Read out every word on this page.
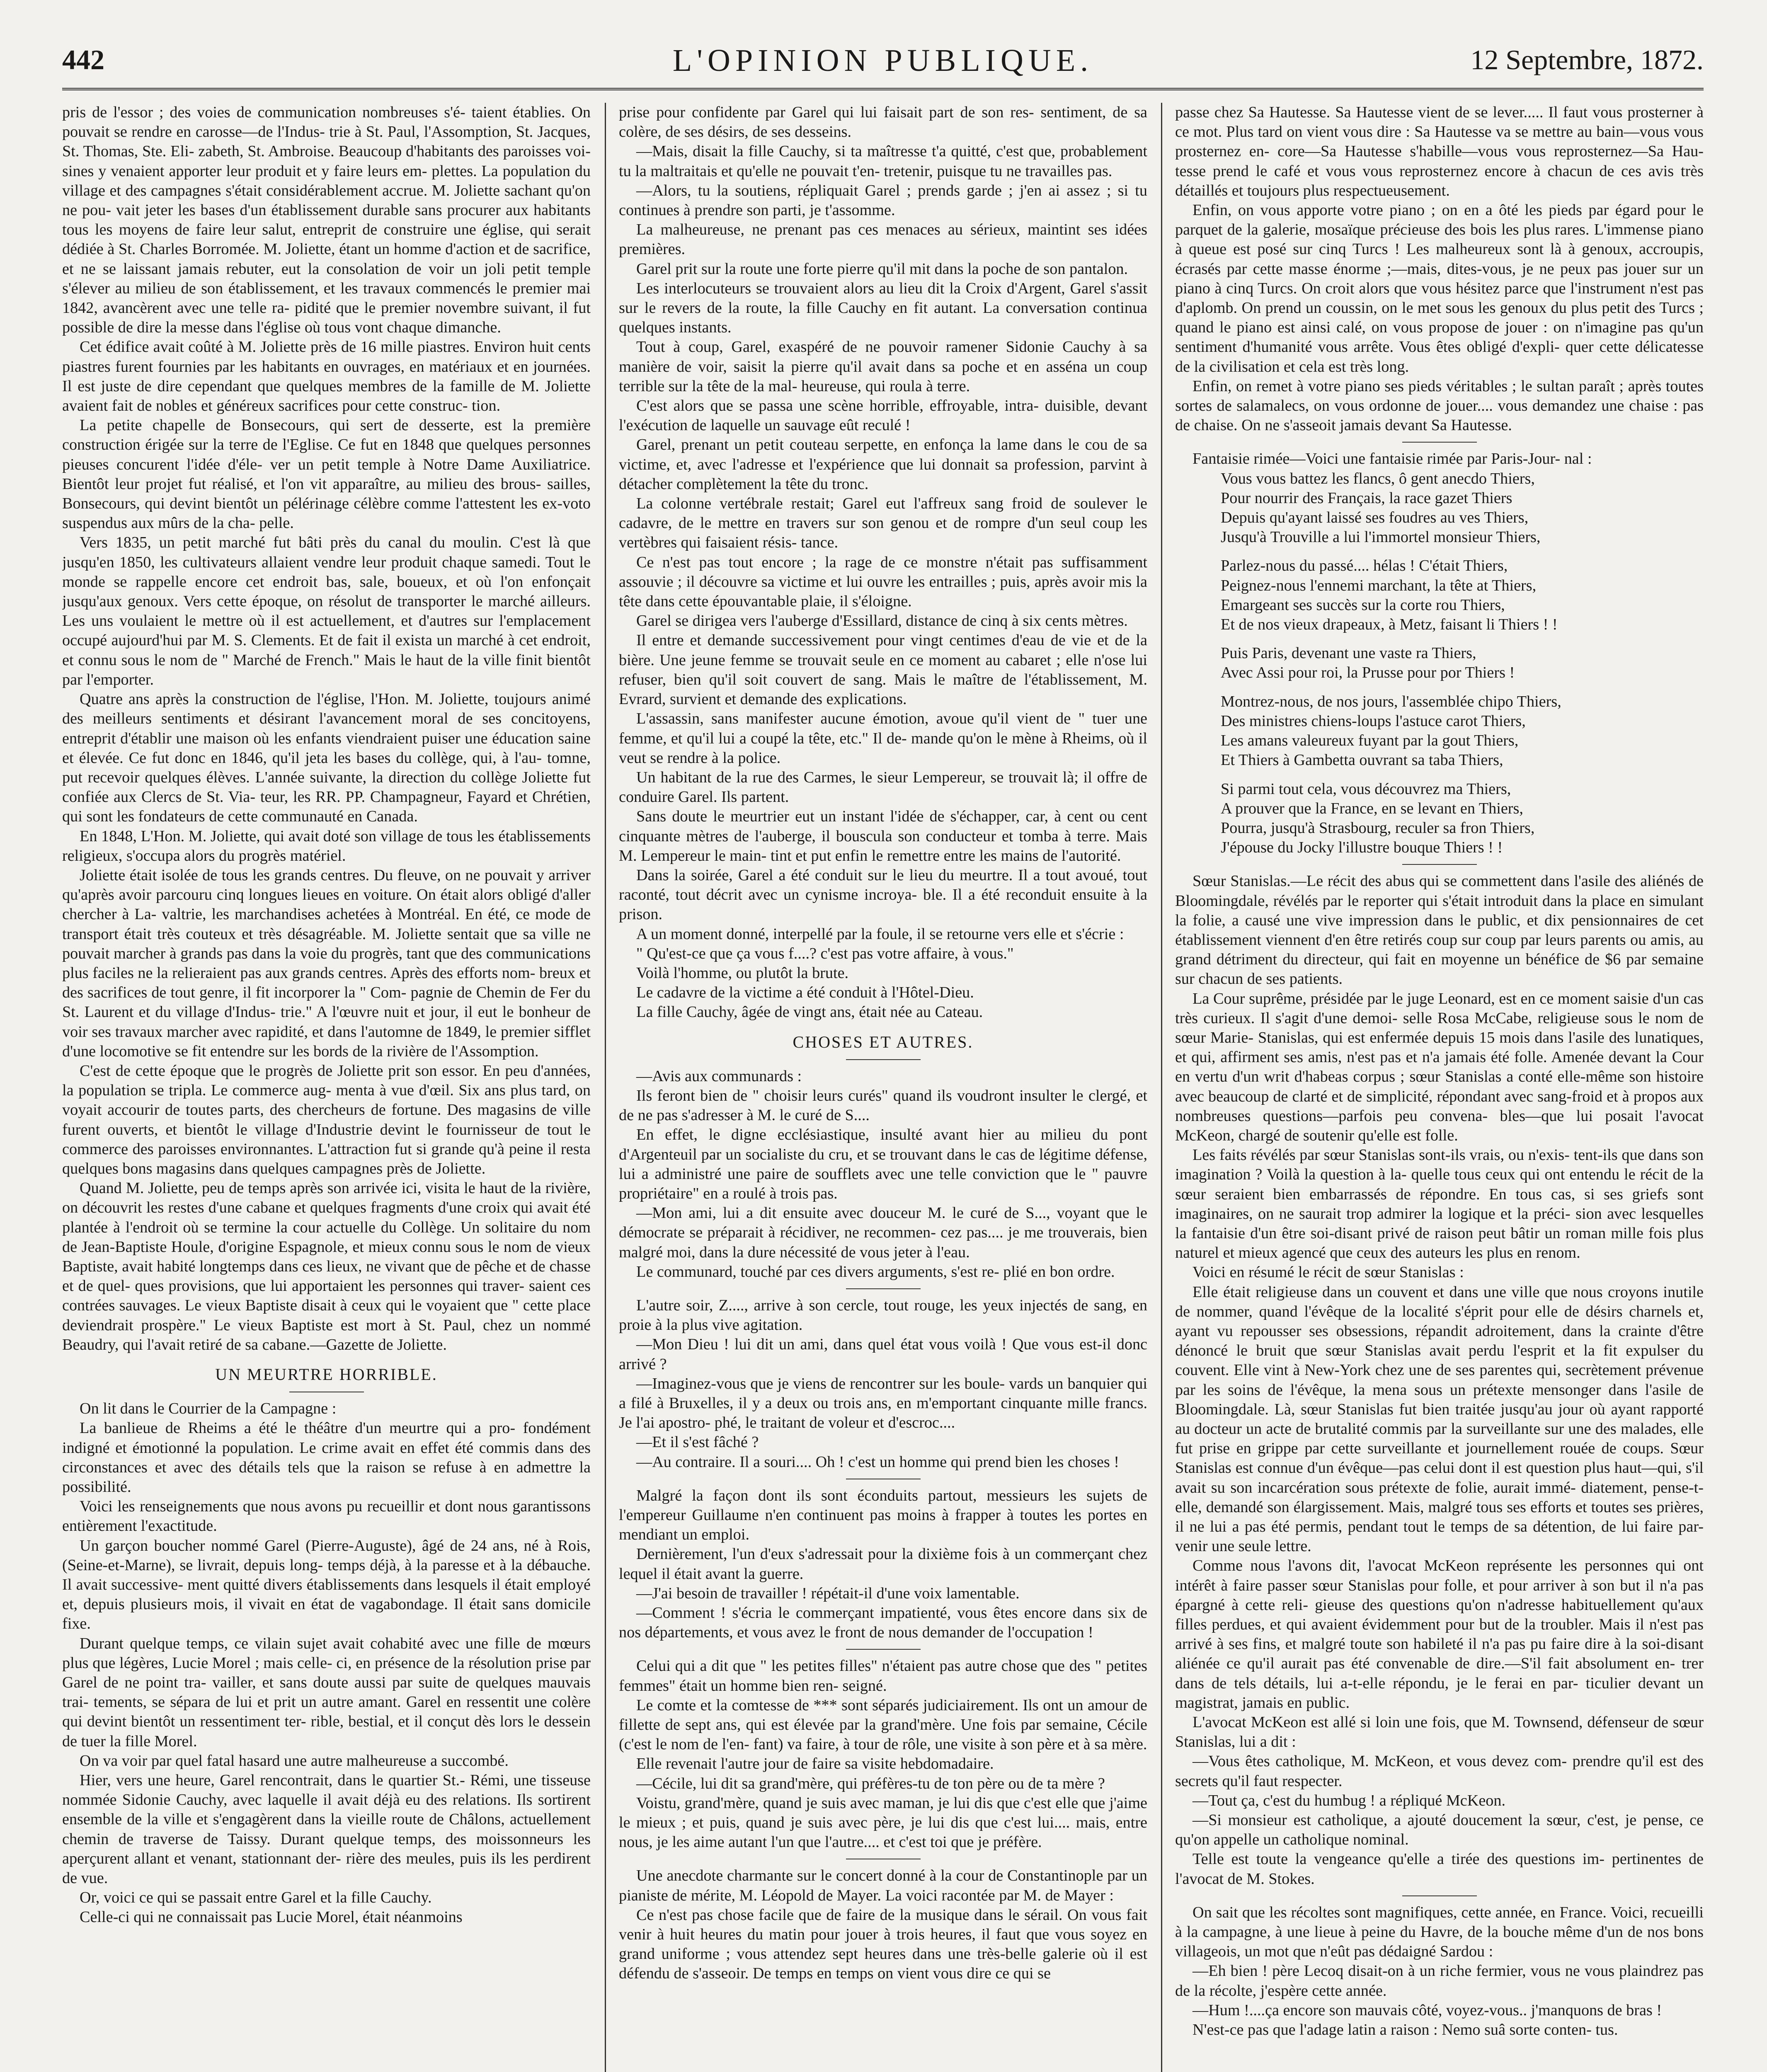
442	L'OPINION PUBLIQUE.	12 Septembre, 1872.

pris de l'essor ; des voies de communication nombreuses s'é- taient établies. On pouvait se rendre en carosse—de l'Indus- trie à St. Paul, l'Assomption, St. Jacques, St. Thomas, Ste. Eli- zabeth, St. Ambroise. Beaucoup d'habitants des paroisses voi- sines y venaient apporter leur produit et y faire leurs em- plettes. La population du village et des campagnes s'était considérablement accrue. M. Joliette sachant qu'on ne pou- vait jeter les bases d'un établissement durable sans procurer aux habitants tous les moyens de faire leur salut, entreprit de construire une église, qui serait dédiée à St. Charles Borromée. M. Joliette, étant un homme d'action et de sacrifice, et ne se laissant jamais rebuter, eut la consolation de voir un joli petit temple s'élever au milieu de son établissement, et les travaux commencés le premier mai 1842, avancèrent avec une telle ra- pidité que le premier novembre suivant, il fut possible de dire la messe dans l'église où tous vont chaque dimanche.

Cet édifice avait coûté à M. Joliette près de 16 mille piastres. Environ huit cents piastres furent fournies par les habitants en ouvrages, en matériaux et en journées. Il est juste de dire cependant que quelques membres de la famille de M. Joliette avaient fait de nobles et généreux sacrifices pour cette construc- tion.

La petite chapelle de Bonsecours, qui sert de desserte, est la première construction érigée sur la terre de l'Eglise. Ce fut en 1848 que quelques personnes pieuses concurent l'idée d'éle- ver un petit temple à Notre Dame Auxiliatrice. Bientôt leur projet fut réalisé, et l'on vit apparaître, au milieu des brous- sailles, Bonsecours, qui devint bientôt un pélérinage célèbre comme l'attestent les ex-voto suspendus aux mûrs de la cha- pelle.

Vers 1835, un petit marché fut bâti près du canal du moulin. C'est là que jusqu'en 1850, les cultivateurs allaient vendre leur produit chaque samedi. Tout le monde se rappelle encore cet endroit bas, sale, boueux, et où l'on enfonçait jusqu'aux genoux. Vers cette époque, on résolut de transporter le marché ailleurs. Les uns voulaient le mettre où il est actuellement, et d'autres sur l'emplacement occupé aujourd'hui par M. S. Clements. Et de fait il exista un marché à cet endroit, et connu sous le nom de " Marché de French." Mais le haut de la ville finit bientôt par l'emporter.

Quatre ans après la construction de l'église, l'Hon. M. Joliette, toujours animé des meilleurs sentiments et désirant l'avancement moral de ses concitoyens, entreprit d'établir une maison où les enfants viendraient puiser une éducation saine et élevée. Ce fut donc en 1846, qu'il jeta les bases du collège, qui, à l'au- tomne, put recevoir quelques élèves. L'année suivante, la direction du collège Joliette fut confiée aux Clercs de St. Via- teur, les RR. PP. Champagneur, Fayard et Chrétien, qui sont les fondateurs de cette communauté en Canada.

En 1848, L'Hon. M. Joliette, qui avait doté son village de tous les établissements religieux, s'occupa alors du progrès matériel.

Joliette était isolée de tous les grands centres. Du fleuve, on ne pouvait y arriver qu'après avoir parcouru cinq longues lieues en voiture. On était alors obligé d'aller chercher à La- valtrie, les marchandises achetées à Montréal. En été, ce mode de transport était très couteux et très désagréable. M. Joliette sentait que sa ville ne pouvait marcher à grands pas dans la voie du progrès, tant que des communications plus faciles ne la relieraient pas aux grands centres. Après des efforts nom- breux et des sacrifices de tout genre, il fit incorporer la " Com- pagnie de Chemin de Fer du St. Laurent et du village d'Indus- trie." A l'œuvre nuit et jour, il eut le bonheur de voir ses travaux marcher avec rapidité, et dans l'automne de 1849, le premier sifflet d'une locomotive se fit entendre sur les bords de la rivière de l'Assomption.

C'est de cette époque que le progrès de Joliette prit son essor. En peu d'années, la population se tripla. Le commerce aug- menta à vue d'œil. Six ans plus tard, on voyait accourir de toutes parts, des chercheurs de fortune. Des magasins de ville furent ouverts, et bientôt le village d'Industrie devint le fournisseur de tout le commerce des paroisses environnantes. L'attraction fut si grande qu'à peine il resta quelques bons magasins dans quelques campagnes près de Joliette.

Quand M. Joliette, peu de temps après son arrivée ici, visita le haut de la rivière, on découvrit les restes d'une cabane et quelques fragments d'une croix qui avait été plantée à l'endroit où se termine la cour actuelle du Collège. Un solitaire du nom de Jean-Baptiste Houle, d'origine Espagnole, et mieux connu sous le nom de vieux Baptiste, avait habité longtemps dans ces lieux, ne vivant que de pêche et de chasse et de quel- ques provisions, que lui apportaient les personnes qui traver- saient ces contrées sauvages. Le vieux Baptiste disait à ceux qui le voyaient que " cette place deviendrait prospère." Le vieux Baptiste est mort à St. Paul, chez un nommé Beaudry, qui l'avait retiré de sa cabane.—Gazette de Joliette.

UN MEURTRE HORRIBLE.

On lit dans le Courrier de la Campagne :

La banlieue de Rheims a été le théâtre d'un meurtre qui a pro- fondément indigné et émotionné la population. Le crime avait en effet été commis dans des circonstances et avec des détails tels que la raison se refuse à en admettre la possibilité.

Voici les renseignements que nous avons pu recueillir et dont nous garantissons entièrement l'exactitude.

Un garçon boucher nommé Garel (Pierre-Auguste), âgé de 24 ans, né à Rois, (Seine-et-Marne), se livrait, depuis long- temps déjà, à la paresse et à la débauche. Il avait successive- ment quitté divers établissements dans lesquels il était employé et, depuis plusieurs mois, il vivait en état de vagabondage. Il était sans domicile fixe.

Durant quelque temps, ce vilain sujet avait cohabité avec une fille de mœurs plus que légères, Lucie Morel ; mais celle- ci, en présence de la résolution prise par Garel de ne point tra- vailler, et sans doute aussi par suite de quelques mauvais trai- tements, se sépara de lui et prit un autre amant. Garel en ressentit une colère qui devint bientôt un ressentiment ter- rible, bestial, et il conçut dès lors le dessein de tuer la fille Morel.

On va voir par quel fatal hasard une autre malheureuse a succombé.

Hier, vers une heure, Garel rencontrait, dans le quartier St.- Rémi, une tisseuse nommée Sidonie Cauchy, avec laquelle il avait déjà eu des relations. Ils sortirent ensemble de la ville et s'engagèrent dans la vieille route de Châlons, actuellement chemin de traverse de Taissy. Durant quelque temps, des moissonneurs les aperçurent allant et venant, stationnant der- rière des meules, puis ils les perdirent de vue.

Or, voici ce qui se passait entre Garel et la fille Cauchy.

Celle-ci qui ne connaissait pas Lucie Morel, était néanmoins

prise pour confidente par Garel qui lui faisait part de son res- sentiment, de sa colère, de ses désirs, de ses desseins.

—Mais, disait la fille Cauchy, si ta maîtresse t'a quitté, c'est que, probablement tu la maltraitais et qu'elle ne pouvait t'en- tretenir, puisque tu ne travailles pas.

—Alors, tu la soutiens, répliquait Garel ; prends garde ; j'en ai assez ; si tu continues à prendre son parti, je t'assomme.

La malheureuse, ne prenant pas ces menaces au sérieux, maintint ses idées premières.

Garel prit sur la route une forte pierre qu'il mit dans la poche de son pantalon.

Les interlocuteurs se trouvaient alors au lieu dit la Croix d'Argent, Garel s'assit sur le revers de la route, la fille Cauchy en fit autant. La conversation continua quelques instants.

Tout à coup, Garel, exaspéré de ne pouvoir ramener Sidonie Cauchy à sa manière de voir, saisit la pierre qu'il avait dans sa poche et en asséna un coup terrible sur la tête de la mal- heureuse, qui roula à terre.

C'est alors que se passa une scène horrible, effroyable, intra- duisible, devant l'exécution de laquelle un sauvage eût reculé !

Garel, prenant un petit couteau serpette, en enfonça la lame dans le cou de sa victime, et, avec l'adresse et l'expérience que lui donnait sa profession, parvint à détacher complètement la tête du tronc.

La colonne vertébrale restait; Garel eut l'affreux sang froid de soulever le cadavre, de le mettre en travers sur son genou et de rompre d'un seul coup les vertèbres qui faisaient résis- tance.

Ce n'est pas tout encore ; la rage de ce monstre n'était pas suffisamment assouvie ; il découvre sa victime et lui ouvre les entrailles ; puis, après avoir mis la tête dans cette épouvantable plaie, il s'éloigne.

Garel se dirigea vers l'auberge d'Essillard, distance de cinq à six cents mètres.

Il entre et demande successivement pour vingt centimes d'eau de vie et de la bière. Une jeune femme se trouvait seule en ce moment au cabaret ; elle n'ose lui refuser, bien qu'il soit couvert de sang. Mais le maître de l'établissement, M. Evrard, survient et demande des explications.

L'assassin, sans manifester aucune émotion, avoue qu'il vient de " tuer une femme, et qu'il lui a coupé la tête, etc." Il de- mande qu'on le mène à Rheims, où il veut se rendre à la police.

Un habitant de la rue des Carmes, le sieur Lempereur, se trouvait là; il offre de conduire Garel. Ils partent.

Sans doute le meurtrier eut un instant l'idée de s'échapper, car, à cent ou cent cinquante mètres de l'auberge, il bouscula son conducteur et tomba à terre. Mais M. Lempereur le main- tint et put enfin le remettre entre les mains de l'autorité.

Dans la soirée, Garel a été conduit sur le lieu du meurtre. Il a tout avoué, tout raconté, tout décrit avec un cynisme incroya- ble. Il a été reconduit ensuite à la prison.

A un moment donné, interpellé par la foule, il se retourne vers elle et s'écrie :

" Qu'est-ce que ça vous f....? c'est pas votre affaire, à vous."

Voilà l'homme, ou plutôt la brute.

Le cadavre de la victime a été conduit à l'Hôtel-Dieu.

La fille Cauchy, âgée de vingt ans, était née au Cateau.

CHOSES ET AUTRES.

—Avis aux communards :

Ils feront bien de " choisir leurs curés" quand ils voudront insulter le clergé, et de ne pas s'adresser à M. le curé de S....

En effet, le digne ecclésiastique, insulté avant hier au milieu du pont d'Argenteuil par un socialiste du cru, et se trouvant dans le cas de légitime défense, lui a administré une paire de soufflets avec une telle conviction que le " pauvre propriétaire" en a roulé à trois pas.

—Mon ami, lui a dit ensuite avec douceur M. le curé de S..., voyant que le démocrate se préparait à récidiver, ne recommen- cez pas.... je me trouverais, bien malgré moi, dans la dure nécessité de vous jeter à l'eau.

Le communard, touché par ces divers arguments, s'est re- plié en bon ordre.

L'autre soir, Z...., arrive à son cercle, tout rouge, les yeux injectés de sang, en proie à la plus vive agitation.

—Mon Dieu ! lui dit un ami, dans quel état vous voilà ! Que vous est-il donc arrivé ?

—Imaginez-vous que je viens de rencontrer sur les boule- vards un banquier qui a filé à Bruxelles, il y a deux ou trois ans, en m'emportant cinquante mille francs. Je l'ai apostro- phé, le traitant de voleur et d'escroc....

—Et il s'est fâché ?

—Au contraire. Il a souri.... Oh ! c'est un homme qui prend bien les choses !

Malgré la façon dont ils sont éconduits partout, messieurs les sujets de l'empereur Guillaume n'en continuent pas moins à frapper à toutes les portes en mendiant un emploi.

Dernièrement, l'un d'eux s'adressait pour la dixième fois à un commerçant chez lequel il était avant la guerre.

—J'ai besoin de travailler ! répétait-il d'une voix lamentable.

—Comment ! s'écria le commerçant impatienté, vous êtes encore dans six de nos départements, et vous avez le front de nous demander de l'occupation !

Celui qui a dit que " les petites filles" n'étaient pas autre chose que des " petites femmes" était un homme bien ren- seigné.

Le comte et la comtesse de *** sont séparés judiciairement. Ils ont un amour de fillette de sept ans, qui est élevée par la grand'mère. Une fois par semaine, Cécile (c'est le nom de l'en- fant) va faire, à tour de rôle, une visite à son père et à sa mère.

Elle revenait l'autre jour de faire sa visite hebdomadaire.

—Cécile, lui dit sa grand'mère, qui préfères-tu de ton père ou de ta mère ?

Voistu, grand'mère, quand je suis avec maman, je lui dis que c'est elle que j'aime le mieux ; et puis, quand je suis avec père, je lui dis que c'est lui.... mais, entre nous, je les aime autant l'un que l'autre.... et c'est toi que je préfère.

Une anecdote charmante sur le concert donné à la cour de Constantinople par un pianiste de mérite, M. Léopold de Mayer. La voici racontée par M. de Mayer :

Ce n'est pas chose facile que de faire de la musique dans le sérail. On vous fait venir à huit heures du matin pour jouer à trois heures, il faut que vous soyez en grand uniforme ; vous attendez sept heures dans une très-belle galerie où il est défendu de s'asseoir. De temps en temps on vient vous dire ce qui se

passe chez Sa Hautesse. Sa Hautesse vient de se lever..... Il faut vous prosterner à ce mot. Plus tard on vient vous dire : Sa Hautesse va se mettre au bain—vous vous prosternez en- core—Sa Hautesse s'habille—vous vous reprosternez—Sa Hau- tesse prend le café et vous vous reprosternez encore à chacun de ces avis très détaillés et toujours plus respectueusement.

Enfin, on vous apporte votre piano ; on en a ôté les pieds par égard pour le parquet de la galerie, mosaïque précieuse des bois les plus rares. L'immense piano à queue est posé sur cinq Turcs ! Les malheureux sont là à genoux, accroupis, écrasés par cette masse énorme ;—mais, dites-vous, je ne peux pas jouer sur un piano à cinq Turcs. On croit alors que vous hésitez parce que l'instrument n'est pas d'aplomb. On prend un coussin, on le met sous les genoux du plus petit des Turcs ; quand le piano est ainsi calé, on vous propose de jouer : on n'imagine pas qu'un sentiment d'humanité vous arrête. Vous êtes obligé d'expli- quer cette délicatesse de la civilisation et cela est très long.

Enfin, on remet à votre piano ses pieds véritables ; le sultan paraît ; après toutes sortes de salamalecs, on vous ordonne de jouer.... vous demandez une chaise : pas de chaise. On ne s'asseoit jamais devant Sa Hautesse.

Fantaisie rimée—Voici une fantaisie rimée par Paris-Jour- nal :

Vous vous battez les flancs, ô gent anecdo Thiers,

Pour nourrir des Français, la race gazet Thiers

Depuis qu'ayant laissé ses foudres au ves Thiers,

Jusqu'à Trouville a lui l'immortel monsieur Thiers,

Parlez-nous du passé.... hélas ! C'était Thiers,

Peignez-nous l'ennemi marchant, la tête at Thiers,

Emargeant ses succès sur la corte rou Thiers,

Et de nos vieux drapeaux, à Metz, faisant li Thiers ! !

Puis Paris, devenant une vaste ra Thiers,

Avec Assi pour roi, la Prusse pour por Thiers !

Montrez-nous, de nos jours, l'assemblée chipo Thiers,

Des ministres chiens-loups l'astuce carot Thiers,

Les amans valeureux fuyant par la gout Thiers,

Et Thiers à Gambetta ouvrant sa taba Thiers,

Si parmi tout cela, vous découvrez ma Thiers,

A prouver que la France, en se levant en Thiers,

Pourra, jusqu'à Strasbourg, reculer sa fron Thiers,

J'épouse du Jocky l'illustre bouque Thiers ! !

Sœur Stanislas.—Le récit des abus qui se commettent dans l'asile des aliénés de Bloomingdale, révélés par le reporter qui s'était introduit dans la place en simulant la folie, a causé une vive impression dans le public, et dix pensionnaires de cet établissement viennent d'en être retirés coup sur coup par leurs parents ou amis, au grand détriment du directeur, qui fait en moyenne un bénéfice de $6 par semaine sur chacun de ses patients.

La Cour suprême, présidée par le juge Leonard, est en ce moment saisie d'un cas très curieux. Il s'agit d'une demoi- selle Rosa McCabe, religieuse sous le nom de sœur Marie- Stanislas, qui est enfermée depuis 15 mois dans l'asile des lunatiques, et qui, affirment ses amis, n'est pas et n'a jamais été folle. Amenée devant la Cour en vertu d'un writ d'habeas corpus ; sœur Stanislas a conté elle-même son histoire avec beaucoup de clarté et de simplicité, répondant avec sang-froid et à propos aux nombreuses questions—parfois peu convena- bles—que lui posait l'avocat McKeon, chargé de soutenir qu'elle est folle.

Les faits révélés par sœur Stanislas sont-ils vrais, ou n'exis- tent-ils que dans son imagination ? Voilà la question à la- quelle tous ceux qui ont entendu le récit de la sœur seraient bien embarrassés de répondre. En tous cas, si ses griefs sont imaginaires, on ne saurait trop admirer la logique et la préci- sion avec lesquelles la fantaisie d'un être soi-disant privé de raison peut bâtir un roman mille fois plus naturel et mieux agencé que ceux des auteurs les plus en renom.

Voici en résumé le récit de sœur Stanislas :

Elle était religieuse dans un couvent et dans une ville que nous croyons inutile de nommer, quand l'évêque de la localité s'éprit pour elle de désirs charnels et, ayant vu repousser ses obsessions, répandit adroitement, dans la crainte d'être dénoncé le bruit que sœur Stanislas avait perdu l'esprit et la fit expulser du couvent. Elle vint à New-York chez une de ses parentes qui, secrètement prévenue par les soins de l'évêque, la mena sous un prétexte mensonger dans l'asile de Bloomingdale. Là, sœur Stanislas fut bien traitée jusqu'au jour où ayant rapporté au docteur un acte de brutalité commis par la surveillante sur une des malades, elle fut prise en grippe par cette surveillante et journellement rouée de coups. Sœur Stanislas est connue d'un évêque—pas celui dont il est question plus haut—qui, s'il avait su son incarcération sous prétexte de folie, aurait immé- diatement, pense-t-elle, demandé son élargissement. Mais, malgré tous ses efforts et toutes ses prières, il ne lui a pas été permis, pendant tout le temps de sa détention, de lui faire par- venir une seule lettre.

Comme nous l'avons dit, l'avocat McKeon représente les personnes qui ont intérêt à faire passer sœur Stanislas pour folle, et pour arriver à son but il n'a pas épargné à cette reli- gieuse des questions qu'on n'adresse habituellement qu'aux filles perdues, et qui avaient évidemment pour but de la troubler. Mais il n'est pas arrivé à ses fins, et malgré toute son habileté il n'a pas pu faire dire à la soi-disant aliénée ce qu'il aurait pas été convenable de dire.—S'il fait absolument en- trer dans de tels détails, lui a-t-elle répondu, je le ferai en par- ticulier devant un magistrat, jamais en public.

L'avocat McKeon est allé si loin une fois, que M. Townsend, défenseur de sœur Stanislas, lui a dit :

—Vous êtes catholique, M. McKeon, et vous devez com- prendre qu'il est des secrets qu'il faut respecter.

—Tout ça, c'est du humbug ! a répliqué McKeon.

—Si monsieur est catholique, a ajouté doucement la sœur, c'est, je pense, ce qu'on appelle un catholique nominal.

Telle est toute la vengeance qu'elle a tirée des questions im- pertinentes de l'avocat de M. Stokes.

On sait que les récoltes sont magnifiques, cette année, en France. Voici, recueilli à la campagne, à une lieue à peine du Havre, de la bouche même d'un de nos bons villageois, un mot que n'eût pas dédaigné Sardou :

—Eh bien ! père Lecoq disait-on à un riche fermier, vous ne vous plaindrez pas de la récolte, j'espère cette année.

—Hum !....ça encore son mauvais côté, voyez-vous.. j'manquons de bras !

N'est-ce pas que l'adage latin a raison : Nemo suâ sorte conten- tus.
